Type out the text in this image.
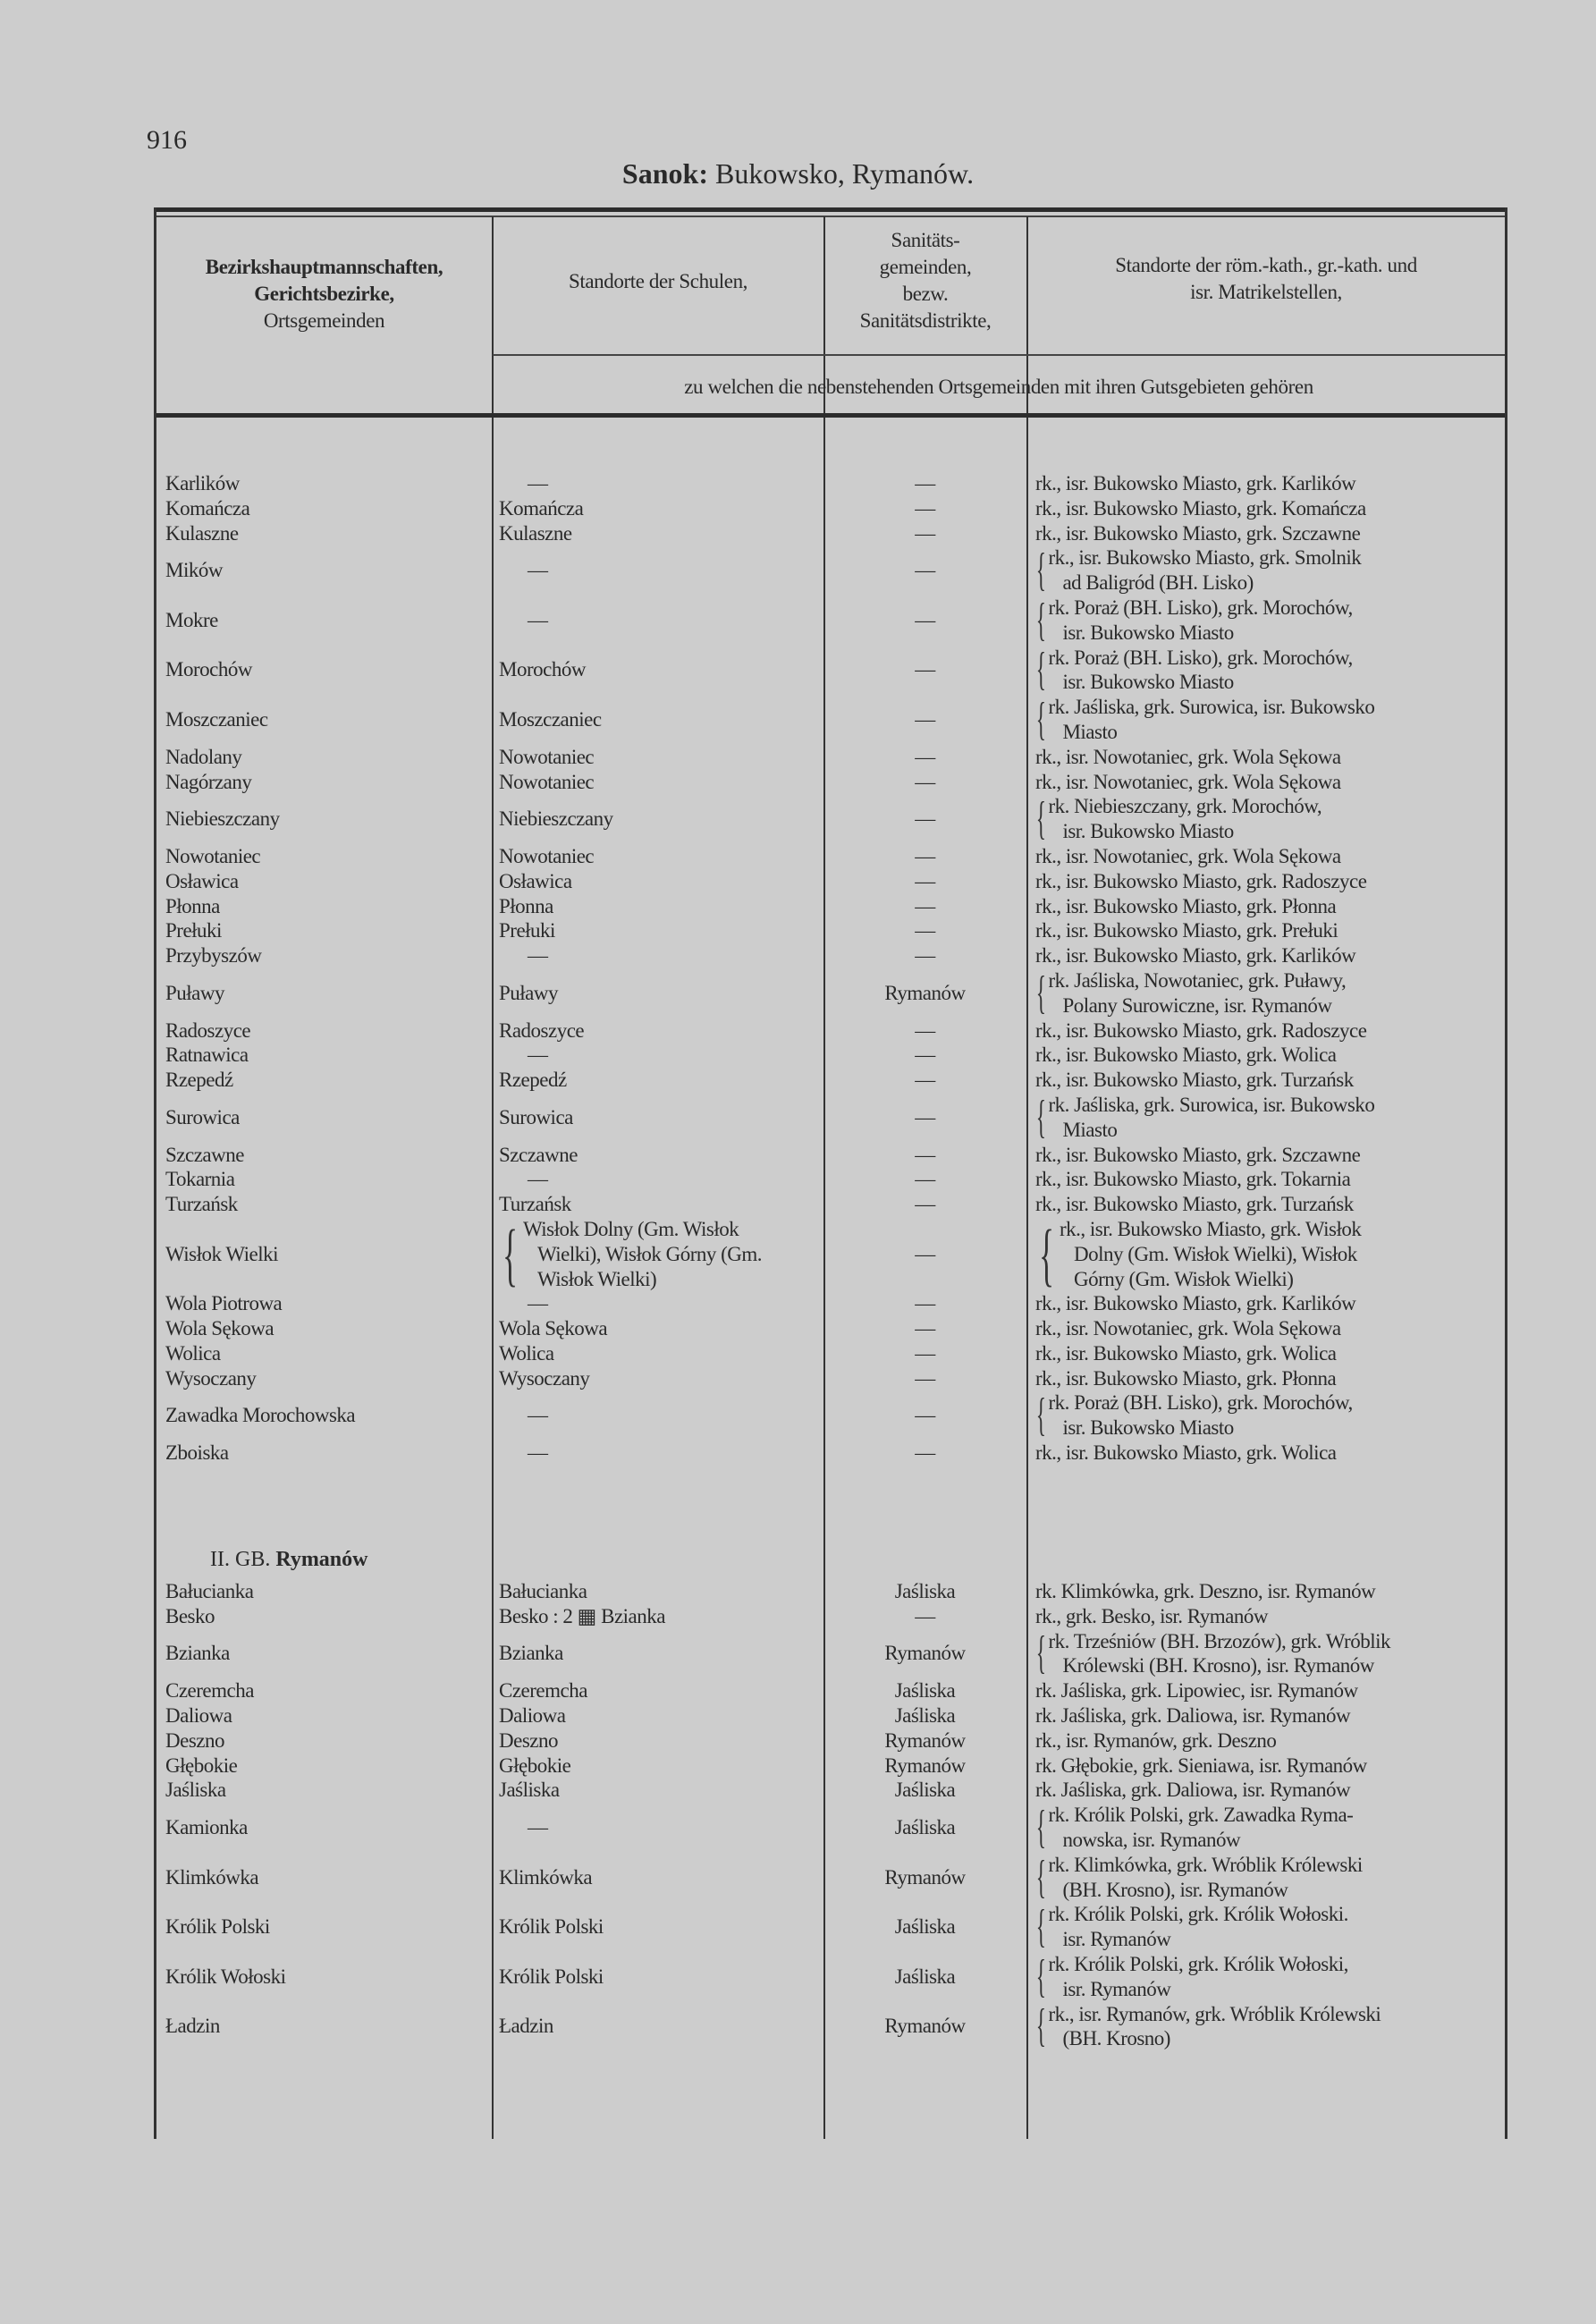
916
Sanok: Bukowsko, Rymanów.
Bezirkshauptmannschaften,
Gerichtsbezirke,
Ortsgemeinden
Standorte der Schulen,
Sanitäts-
gemeinden,
bezw.
Sanitätsdistrikte,
Standorte der röm.-kath., gr.-kath. und
isr. Matrikelstellen,
zu welchen die nebenstehenden Ortsgemeinden mit ihren Gutsgebieten gehören
Karlików	—	—	rk., isr. Bukowsko Miasto, grk. Karlików
Komańcza	Komańcza	—	rk., isr. Bukowsko Miasto, grk. Komańcza
Kulaszne	Kulaszne	—	rk., isr. Bukowsko Miasto, grk. Szczawne
Mików	—	—	{ rk., isr. Bukowsko Miasto, grk. Smolnik
ad Baligród (BH. Lisko)
Mokre	—	—	{ rk. Poraż (BH. Lisko), grk. Morochów,
isr. Bukowsko Miasto
Morochów	Morochów	—	{ rk. Poraż (BH. Lisko), grk. Morochów,
isr. Bukowsko Miasto
Moszczaniec	Moszczaniec	—	{ rk. Jaśliska, grk. Surowica, isr. Bukowsko
Miasto
Nadolany	Nowotaniec	—	rk., isr. Nowotaniec, grk. Wola Sękowa
Nagórzany	Nowotaniec	—	rk., isr. Nowotaniec, grk. Wola Sękowa
Niebieszczany	Niebieszczany	—	{ rk. Niebieszczany, grk. Morochów,
isr. Bukowsko Miasto
Nowotaniec	Nowotaniec	—	rk., isr. Nowotaniec, grk. Wola Sękowa
Osławica	Osławica	—	rk., isr. Bukowsko Miasto, grk. Radoszyce
Płonna	Płonna	—	rk., isr. Bukowsko Miasto, grk. Płonna
Prełuki	Prełuki	—	rk., isr. Bukowsko Miasto, grk. Prełuki
Przybyszów	—	—	rk., isr. Bukowsko Miasto, grk. Karlików
Puławy	Puławy	Rymanów	{ rk. Jaśliska, Nowotaniec, grk. Puławy,
Polany Surowiczne, isr. Rymanów
Radoszyce	Radoszyce	—	rk., isr. Bukowsko Miasto, grk. Radoszyce
Ratnawica	—	—	rk., isr. Bukowsko Miasto, grk. Wolica
Rzepedź	Rzepedź	—	rk., isr. Bukowsko Miasto, grk. Turzańsk
Surowica	Surowica	—	{ rk. Jaśliska, grk. Surowica, isr. Bukowsko
Miasto
Szczawne	Szczawne	—	rk., isr. Bukowsko Miasto, grk. Szczawne
Tokarnia	—	—	rk., isr. Bukowsko Miasto, grk. Tokarnia
Turzańsk	Turzańsk	—	rk., isr. Bukowsko Miasto, grk. Turzańsk
Wisłok Wielki	{ Wisłok Dolny (Gm. Wisłok
Wielki), Wisłok Górny (Gm.
Wisłok Wielki)
—	{ rk., isr. Bukowsko Miasto, grk. Wisłok
Dolny (Gm. Wisłok Wielki), Wisłok
Górny (Gm. Wisłok Wielki)
Wola Piotrowa	—	—	rk., isr. Bukowsko Miasto, grk. Karlików
Wola Sękowa	Wola Sękowa	—	rk., isr. Nowotaniec, grk. Wola Sękowa
Wolica	Wolica	—	rk., isr. Bukowsko Miasto, grk. Wolica
Wysoczany	Wysoczany	—	rk., isr. Bukowsko Miasto, grk. Płonna
Zawadka Morochowska	—	—	{ rk. Poraż (BH. Lisko), grk. Morochów,
isr. Bukowsko Miasto
Zboiska	—	—	rk., isr. Bukowsko Miasto, grk. Wolica
II. GB. Rymanów
Bałucianka	Bałucianka	Jaśliska	rk. Klimkówka, grk. Deszno, isr. Rymanów
Besko	Besko : 2 ▦ Bzianka	—	rk., grk. Besko, isr. Rymanów
Bzianka	Bzianka	Rymanów	{ rk. Trześniów (BH. Brzozów), grk. Wróblik
Królewski (BH. Krosno), isr. Rymanów
Czeremcha	Czeremcha	Jaśliska	rk. Jaśliska, grk. Lipowiec, isr. Rymanów
Daliowa	Daliowa	Jaśliska	rk. Jaśliska, grk. Daliowa, isr. Rymanów
Deszno	Deszno	Rymanów	rk., isr. Rymanów, grk. Deszno
Głębokie	Głębokie	Rymanów	rk. Głębokie, grk. Sieniawa, isr. Rymanów
Jaśliska	Jaśliska	Jaśliska	rk. Jaśliska, grk. Daliowa, isr. Rymanów
Kamionka	—	Jaśliska	{ rk. Królik Polski, grk. Zawadka Ryma-
nowska, isr. Rymanów
Klimkówka	Klimkówka	Rymanów	{ rk. Klimkówka, grk. Wróblik Królewski
(BH. Krosno), isr. Rymanów
Królik Polski	Królik Polski	Jaśliska	{ rk. Królik Polski, grk. Królik Wołoski.
isr. Rymanów
Królik Wołoski	Królik Polski	Jaśliska	{ rk. Królik Polski, grk. Królik Wołoski,
isr. Rymanów
Ładzin	Ładzin	Rymanów	{ rk., isr. Rymanów, grk. Wróblik Królewski
(BH. Krosno)
